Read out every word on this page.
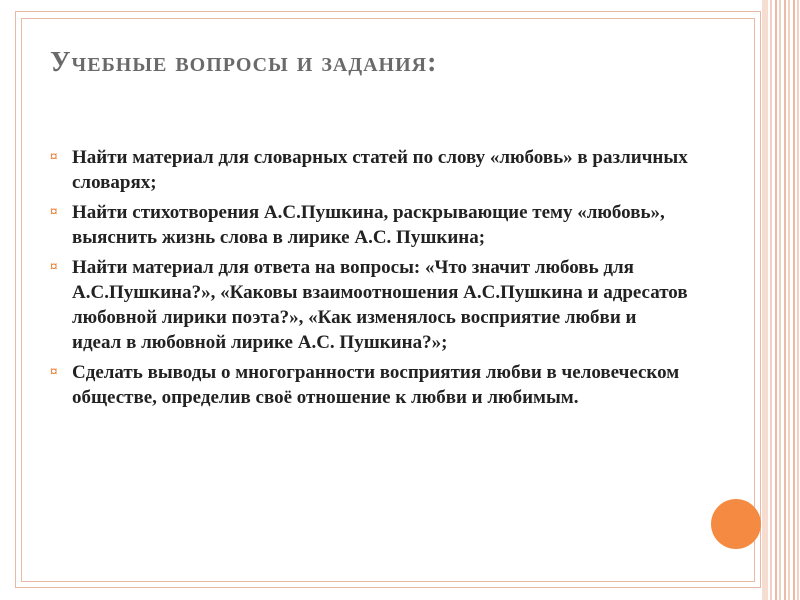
Учебные вопросы и задания:
¤ Найти материал для словарных статей по слову «любовь» в различных словарях;
¤ Найти стихотворения А.С.Пушкина, раскрывающие тему «любовь», выяснить жизнь слова в лирике А.С. Пушкина;
¤ Найти материал для ответа на вопросы: «Что значит любовь для А.С.Пушкина?», «Каковы взаимоотношения А.С.Пушкина и адресатов любовной лирики поэта?», «Как изменялось восприятие любви и идеал в любовной лирике А.С. Пушкина?»;
¤ Сделать выводы о многогранности восприятия любви в человеческом обществе, определив своё отношение к любви и любимым.
